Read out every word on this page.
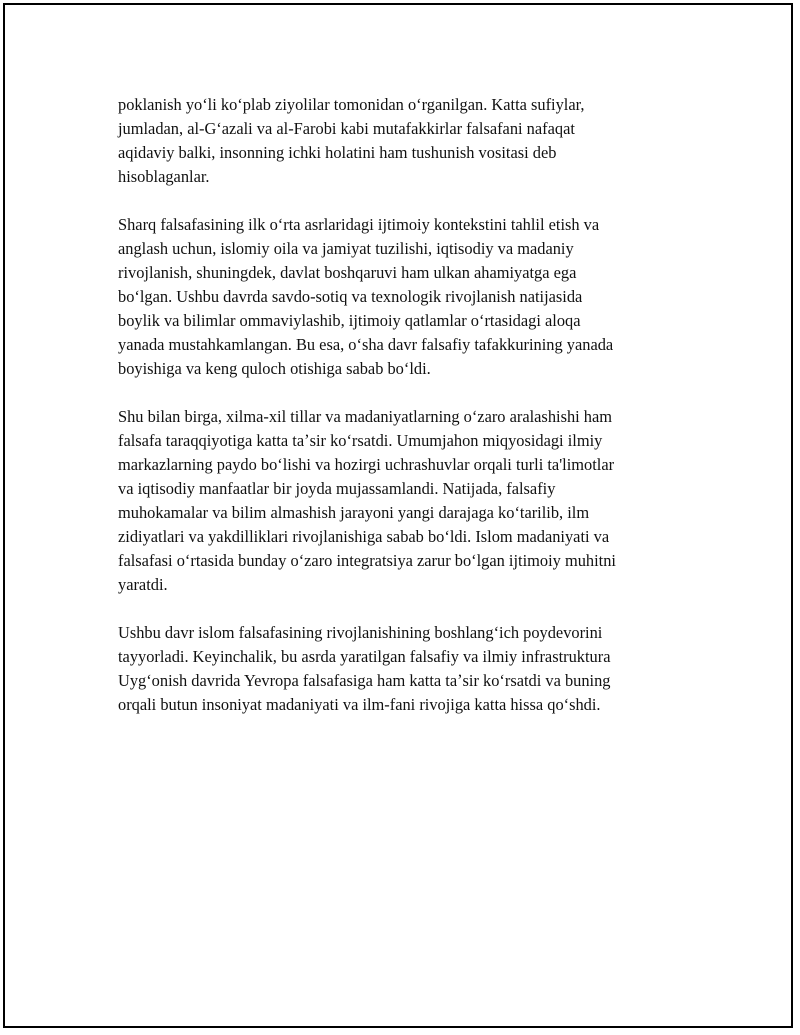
poklanish yoʻli koʻplab ziyolilar tomonidan oʻrganilgan. Katta sufiylar,
jumladan, al-Gʻazali va al-Farobi kabi mutafakkirlar falsafani nafaqat
aqidaviy balki, insonning ichki holatini ham tushunish vositasi deb
hisoblaganlar.

Sharq falsafasining ilk oʻrta asrlaridagi ijtimoiy kontekstini tahlil etish va
anglash uchun, islomiy oila va jamiyat tuzilishi, iqtisodiy va madaniy
rivojlanish, shuningdek, davlat boshqaruvi ham ulkan ahamiyatga ega
boʻlgan. Ushbu davrda savdo-sotiq va texnologik rivojlanish natijasida
boylik va bilimlar ommaviylashib, ijtimoiy qatlamlar oʻrtasidagi aloqa
yanada mustahkamlangan. Bu esa, oʻsha davr falsafiy tafakkurining yanada
boyishiga va keng quloch otishiga sabab boʻldi.

Shu bilan birga, xilma-xil tillar va madaniyatlarning oʻzaro aralashishi ham
falsafa taraqqiyotiga katta taʼsir koʻrsatdi. Umumjahon miqyosidagi ilmiy
markazlarning paydo boʻlishi va hozirgi uchrashuvlar orqali turli ta'limotlar
va iqtisodiy manfaatlar bir joyda mujassamlandi. Natijada, falsafiy
muhokamalar va bilim almashish jarayoni yangi darajaga koʻtarilib, ilm
zidiyatlari va yakdilliklari rivojlanishiga sabab boʻldi. Islom madaniyati va
falsafasi oʻrtasida bunday oʻzaro integratsiya zarur boʻlgan ijtimoiy muhitni
yaratdi.

Ushbu davr islom falsafasining rivojlanishining boshlangʻich poydevorini
tayyorladi. Keyinchalik, bu asrda yaratilgan falsafiy va ilmiy infrastruktura
Uygʻonish davrida Yevropa falsafasiga ham katta taʼsir koʻrsatdi va buning
orqali butun insoniyat madaniyati va ilm-fani rivojiga katta hissa qoʻshdi.
